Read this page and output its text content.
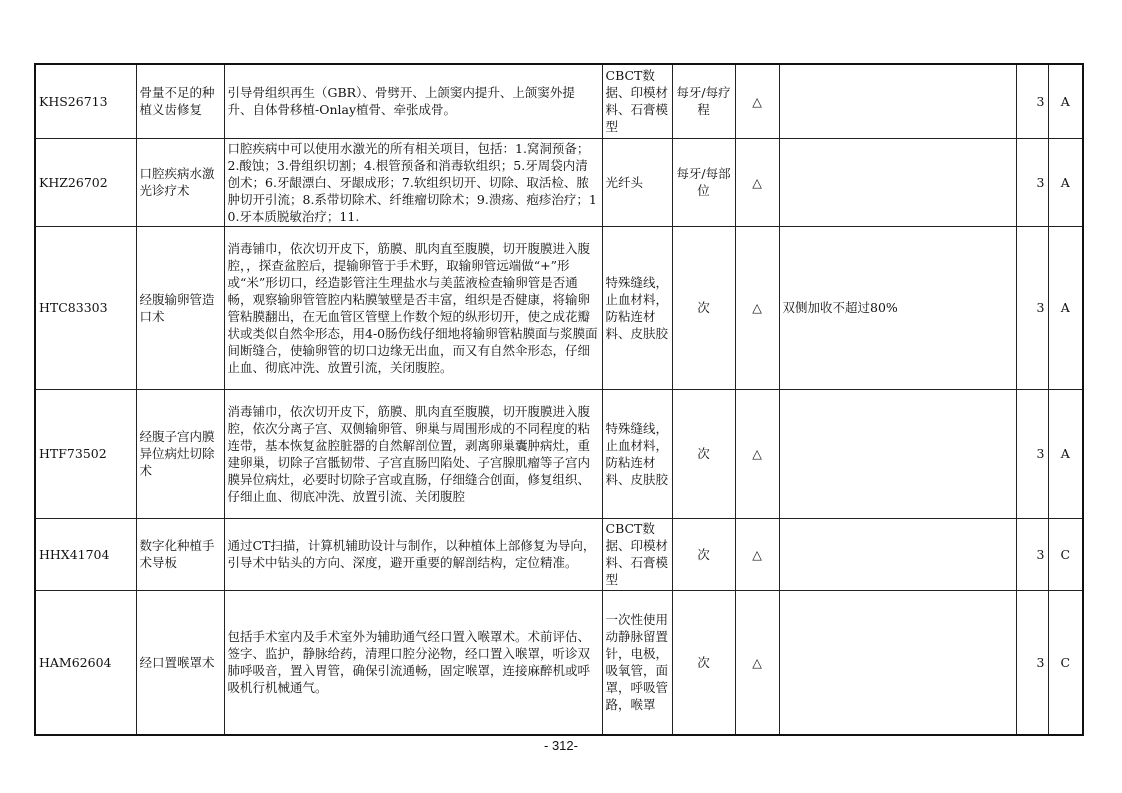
KHS26713	骨量不足的种植义齿修复	引导骨组织再生（GBR）、骨劈开、上颌窦内提升、上颌窦外提升、自体骨移植-Onlay植骨、牵张成骨。	CBCT数据、印模材料、石膏模型	每牙/每疗程	△		3	A
KHZ26702	口腔疾病水激光诊疗术	口腔疾病中可以使用水激光的所有相关项目，包括：1.窝洞预备；2.酸蚀；3.骨组织切割；4.根管预备和消毒软组织；5.牙周袋内清创术；6.牙龈漂白、牙龈成形；7.软组织切开、切除、取活检、脓肿切开引流；8.系带切除术、纤维瘤切除术；9.溃疡、疱疹治疗；10.牙本质脱敏治疗；11.	光纤头	每牙/每部位	△		3	A
HTC83303	经腹输卵管造口术	消毒铺巾，依次切开皮下，筋膜、肌肉直至腹膜，切开腹膜进入腹腔，，探查盆腔后，提输卵管于手术野，取输卵管远端做“+”形或“米”形切口，经造影管注生理盐水与美蓝液检查输卵管是否通畅，观察输卵管管腔内粘膜皱壁是否丰富，组织是否健康，将输卵管粘膜翻出，在无血管区管壁上作数个短的纵形切开，使之成花瓣状或类似自然伞形态，用4-0肠伤线仔细地将输卵管粘膜面与浆膜面间断缝合，使输卵管的切口边缘无出血，而又有自然伞形态，仔细止血、彻底冲洗、放置引流，关闭腹腔。	特殊缝线，止血材料，防粘连材料、皮肤胶	次	△	双侧加收不超过80%	3	A
HTF73502	经腹子宫内膜异位病灶切除术	消毒铺巾，依次切开皮下，筋膜、肌肉直至腹膜，切开腹膜进入腹腔，依次分离子宫、双侧输卵管、卵巢与周围形成的不同程度的粘连带，基本恢复盆腔脏器的自然解剖位置，剥离卵巢囊肿病灶，重建卵巢，切除子宫骶韧带、子宫直肠凹陷处、子宫腺肌瘤等子宫内膜异位病灶，必要时切除子宫或直肠，仔细缝合创面，修复组织、仔细止血、彻底冲洗、放置引流、关闭腹腔	特殊缝线，止血材料，防粘连材料、皮肤胶	次	△		3	A
HHX41704	数字化种植手术导板	通过CT扫描，计算机辅助设计与制作，以种植体上部修复为导向，引导术中钻头的方向、深度，避开重要的解剖结构，定位精准。	CBCT数据、印模材料、石膏模型	次	△		3	C
HAM62604	经口置喉罩术	包括手术室内及手术室外为辅助通气经口置入喉罩术。术前评估、签字、监护，静脉给药，清理口腔分泌物，经口置入喉罩，听诊双肺呼吸音，置入胃管，确保引流通畅，固定喉罩，连接麻醉机或呼吸机行机械通气。	一次性使用动静脉留置针，电极，吸氧管，面罩，呼吸管路，喉罩	次	△		3	C
- 312-
